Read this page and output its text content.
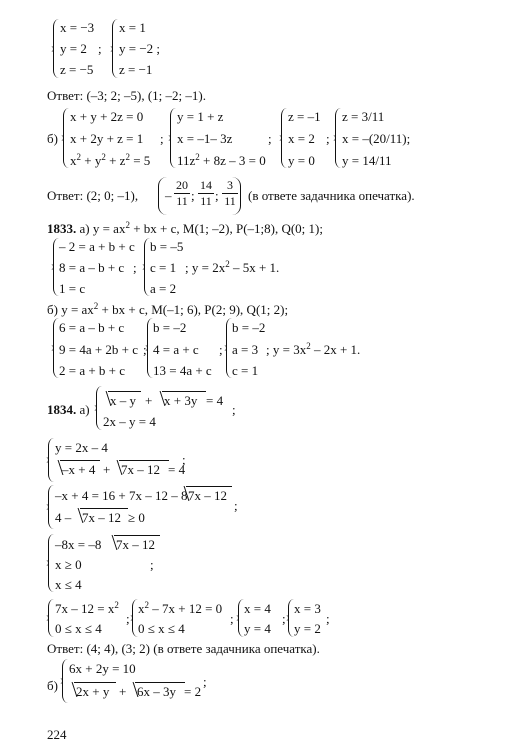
x = −3
y = 2
z = −5
;
x = 1
y = −2 ;
z = −1
Ответ: (–3; 2; –5), (1; –2; –1).
б)
x + y + 2z = 0
x + 2y + z = 1
$x^2 + y^2 + z^2 = 5$
;
y = 1 + z
x = –1– 3z
$11z^2 + 8z - 3 = 0$
;
z = –1
x = 2
y = 0
;
z = 3/11
x = –(20/11);
y = 14/11
Ответ: (2; 0; –1), –
20
11 ;
14
11 ;
3
11 (в ответе задачника опечатка).
1833. а) $y = ax^2$ + bx + c, M(1; –2), P(–1;8), Q(0; 1);
– 2 = a + b + c
8 = a – b + c
1 = c
;
b = –5
c = 1
a = 2
; $y = 2x^2 - 5x + 1$.
б) $y = ax^2$ + bx + c, M(–1; 6), P(2; 9), Q(1; 2);
6 = a – b + c
9 = 4a + 2b + c
2 = a + b + c
;
b = –2
4 = a + c
13 = 4a + c
;
b = –2
a = 3
c = 1
; $y = 3x^2 - 2x + 1$.
1834. а)
x – y + x + 3y = 4
;
2x – y = 4
y = 2x – 4
–x + 4 + 7x – 12 = 4
;
–x + 4 = 16 + 7x – 12 – 8 7x – 12
;
4 – 7x – 12 ≥ 0
–8x = –8 7x – 12
x ≥ 0	;
x ≤ 4
$7x - 12 = x^2$
0 ≤ x ≤ 4
;
$x^2 - 7x + 12 = 0$
0 ≤ x ≤ 4
;
x = 4
y = 4
;
x = 3
y = 2
;
Ответ: (4; 4), (3; 2) (в ответе задачника опечатка).
б)
6x + 2y = 10
2x + y + 6x – 3y = 2
;
224
